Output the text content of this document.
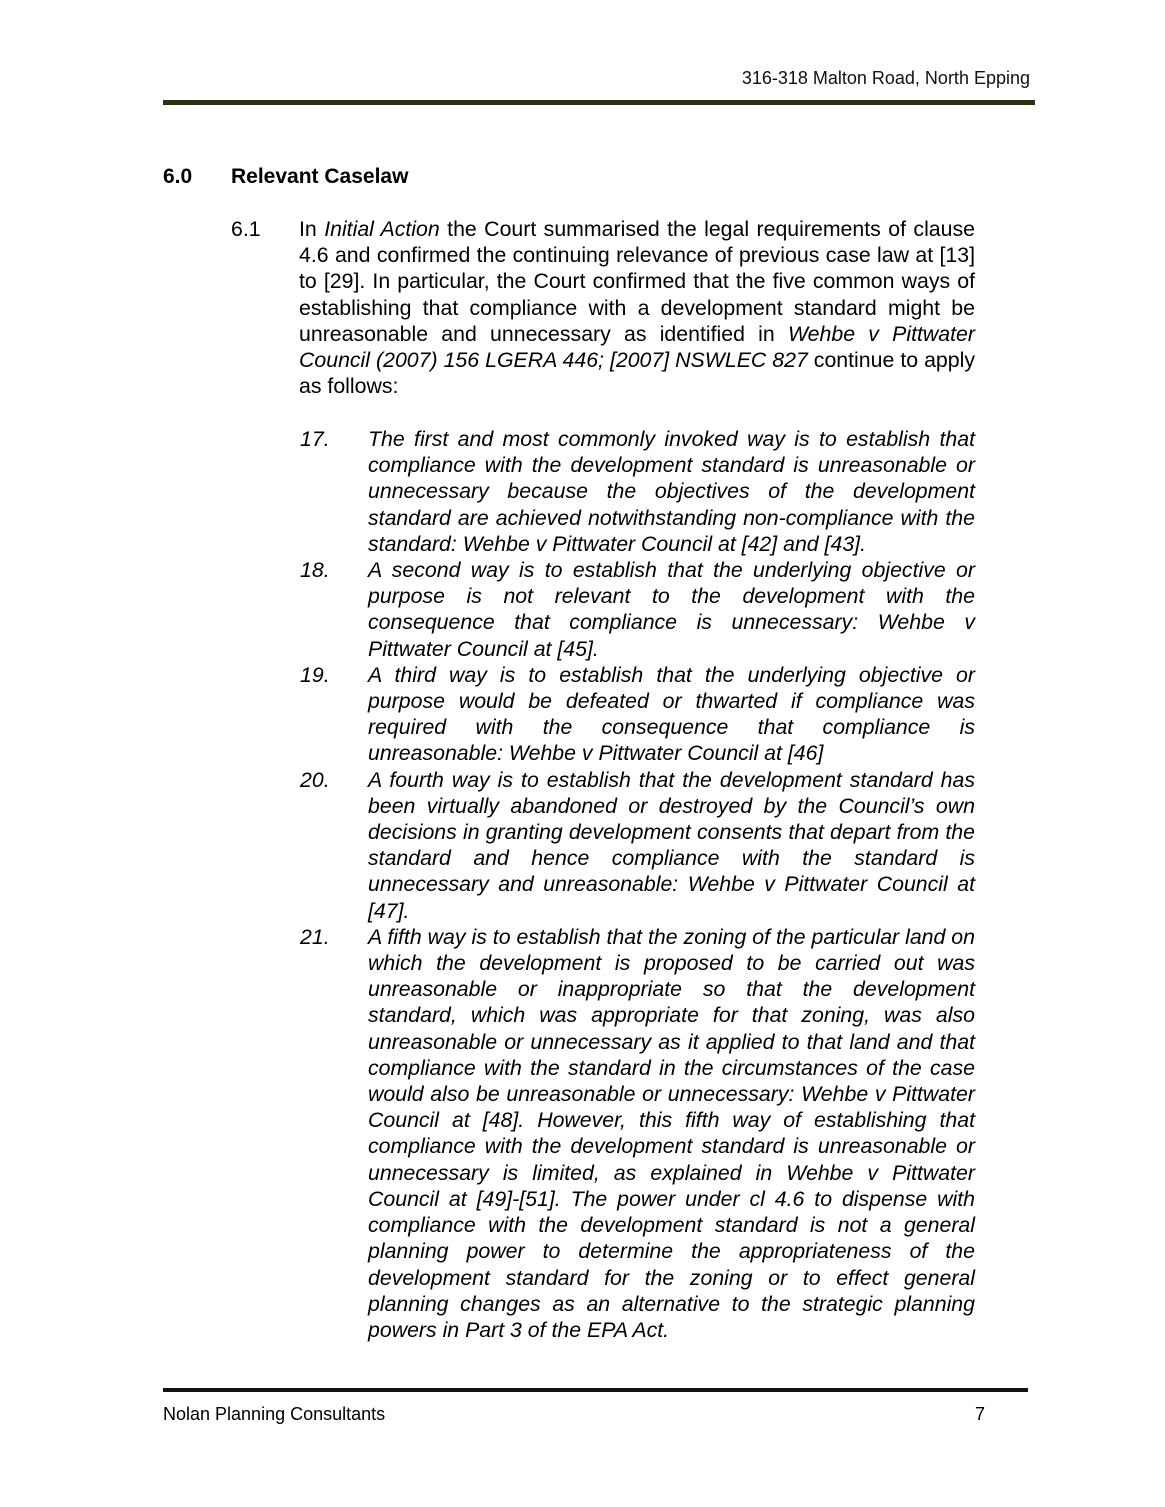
316-318 Malton Road, North Epping
6.0	Relevant Caselaw
6.1	In Initial Action the Court summarised the legal requirements of clause 4.6 and confirmed the continuing relevance of previous case law at [13] to [29]. In particular, the Court confirmed that the five common ways of establishing that compliance with a development standard might be unreasonable and unnecessary as identified in Wehbe v Pittwater Council (2007) 156 LGERA 446; [2007] NSWLEC 827 continue to apply as follows:
17.	The first and most commonly invoked way is to establish that compliance with the development standard is unreasonable or unnecessary because the objectives of the development standard are achieved notwithstanding non-compliance with the standard: Wehbe v Pittwater Council at [42] and [43].
18.	A second way is to establish that the underlying objective or purpose is not relevant to the development with the consequence that compliance is unnecessary: Wehbe v Pittwater Council at [45].
19.	A third way is to establish that the underlying objective or purpose would be defeated or thwarted if compliance was required with the consequence that compliance is unreasonable: Wehbe v Pittwater Council at [46]
20.	A fourth way is to establish that the development standard has been virtually abandoned or destroyed by the Council’s own decisions in granting development consents that depart from the standard and hence compliance with the standard is unnecessary and unreasonable: Wehbe v Pittwater Council at [47].
21.	A fifth way is to establish that the zoning of the particular land on which the development is proposed to be carried out was unreasonable or inappropriate so that the development standard, which was appropriate for that zoning, was also unreasonable or unnecessary as it applied to that land and that compliance with the standard in the circumstances of the case would also be unreasonable or unnecessary: Wehbe v Pittwater Council at [48]. However, this fifth way of establishing that compliance with the development standard is unreasonable or unnecessary is limited, as explained in Wehbe v Pittwater Council at [49]-[51]. The power under cl 4.6 to dispense with compliance with the development standard is not a general planning power to determine the appropriateness of the development standard for the zoning or to effect general planning changes as an alternative to the strategic planning powers in Part 3 of the EPA Act.
Nolan Planning Consultants	7
